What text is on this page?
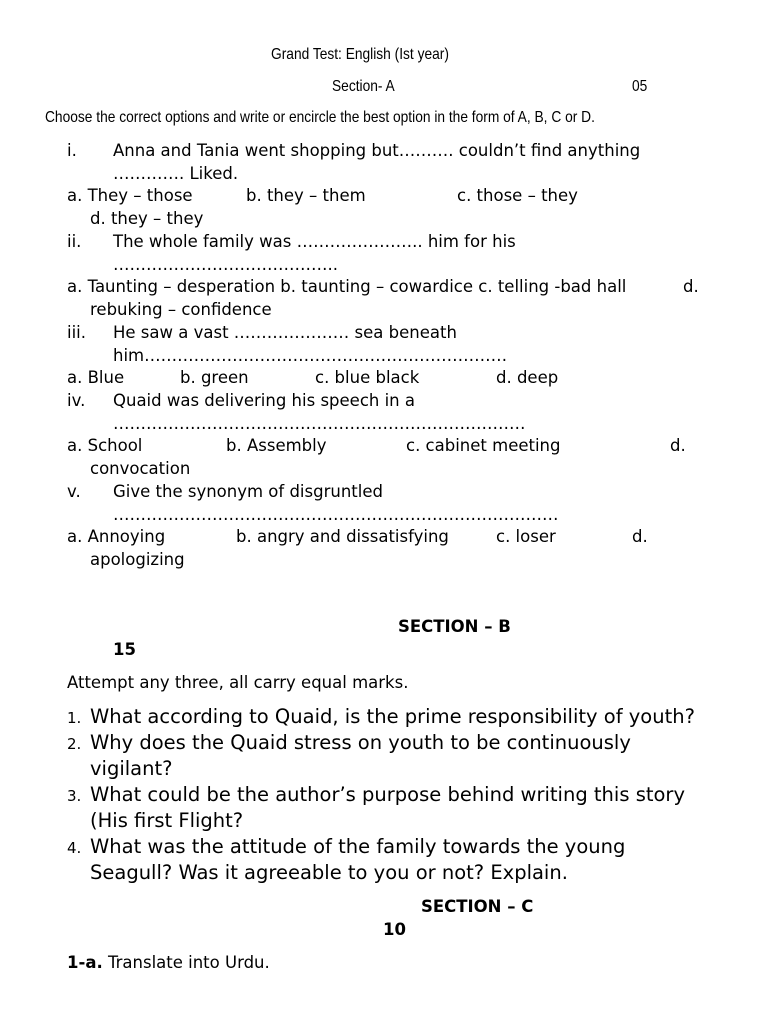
Grand Test: English (Ist year)
Section- A	05
Choose the correct options and write or encircle the best option in the form of A, B, C or D.
i. Anna and Tania went shopping but………. couldn’t find anything
…………. Liked.
a. They – those	b. they – them	c. those – they
d. they – they
ii. The whole family was ………………….. him for his
…………………………………..
a. Taunting – desperation b. taunting – cowardice c. telling -bad hall	d.
rebuking – confidence
iii. He saw a vast ………………… sea beneath
him…………………………………………………………
a. Blue	b. green	c. blue black	d. deep
iv. Quaid was delivering his speech in a
…………………………………………………………………
a. School	b. Assembly	c. cabinet meeting	d.
convocation
v. Give the synonym of disgruntled
………………………………………………………………………
a. Annoying	b. angry and dissatisfying	c. loser	d.
apologizing
SECTION – B
15
Attempt any three, all carry equal marks.
1. What according to Quaid, is the prime responsibility of youth?
2. Why does the Quaid stress on youth to be continuously
vigilant?
3. What could be the author’s purpose behind writing this story
(His first Flight?
4. What was the attitude of the family towards the young
Seagull? Was it agreeable to you or not? Explain.
SECTION – C
10
1-a. Translate into Urdu.
